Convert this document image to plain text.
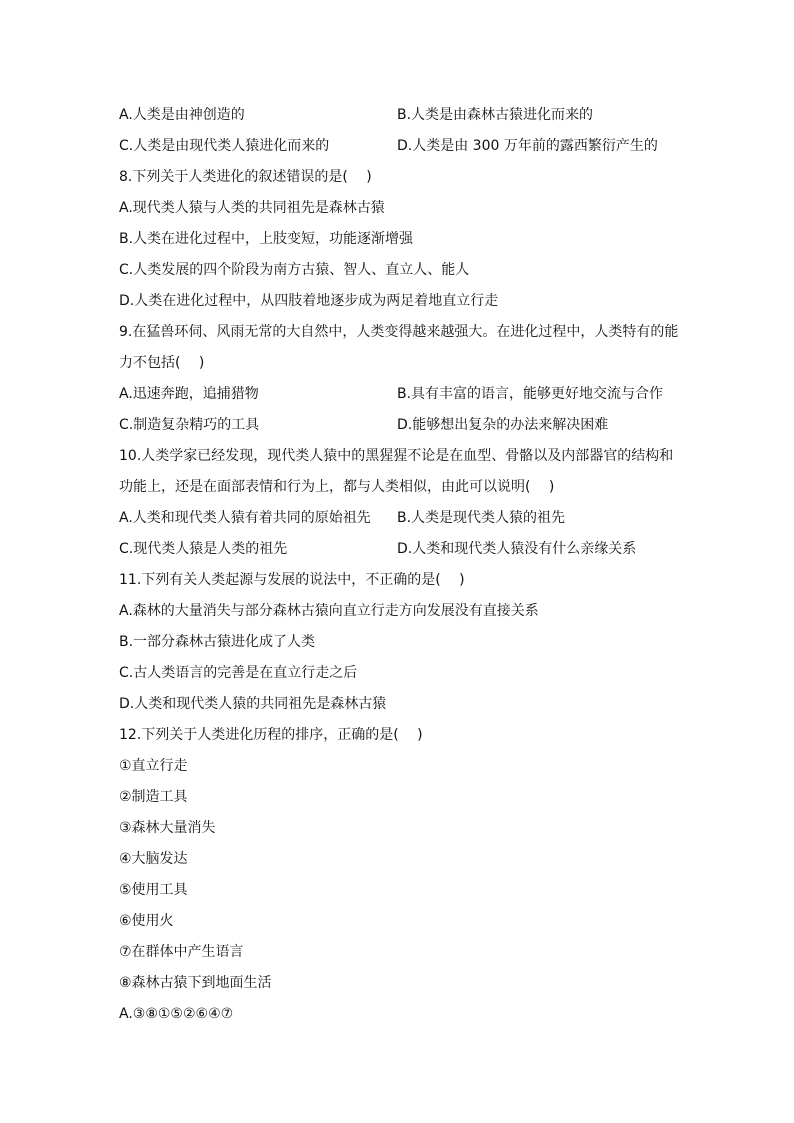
A.人类是由神创造的	B.人类是由森林古猿进化而来的
C.人类是由现代类人猿进化而来的	D.人类是由 300 万年前的露西繁衍产生的
8.下列关于人类进化的叙述错误的是(　 )
A.现代类人猿与人类的共同祖先是森林古猿
B.人类在进化过程中，上肢变短，功能逐渐增强
C.人类发展的四个阶段为南方古猿、智人、直立人、能人
D.人类在进化过程中，从四肢着地逐步成为两足着地直立行走
9.在猛兽环伺、风雨无常的大自然中，人类变得越来越强大。在进化过程中，人类特有的能
力不包括(　 )
A.迅速奔跑，追捕猎物	B.具有丰富的语言，能够更好地交流与合作
C.制造复杂精巧的工具	D.能够想出复杂的办法来解决困难
10.人类学家已经发现，现代类人猿中的黑猩猩不论是在血型、骨骼以及内部器官的结构和
功能上，还是在面部表情和行为上，都与人类相似，由此可以说明(　 )
A.人类和现代类人猿有着共同的原始祖先 B.人类是现代类人猿的祖先
C.现代类人猿是人类的祖先	D.人类和现代类人猿没有什么亲缘关系
11.下列有关人类起源与发展的说法中，不正确的是(　 )
A.森林的大量消失与部分森林古猿向直立行走方向发展没有直接关系
B.一部分森林古猿进化成了人类
C.古人类语言的完善是在直立行走之后
D.人类和现代类人猿的共同祖先是森林古猿
12.下列关于人类进化历程的排序，正确的是(　 )
①直立行走
②制造工具
③森林大量消失
④大脑发达
⑤使用工具
⑥使用火
⑦在群体中产生语言
⑧森林古猿下到地面生活
A.③⑧①⑤②⑥④⑦
